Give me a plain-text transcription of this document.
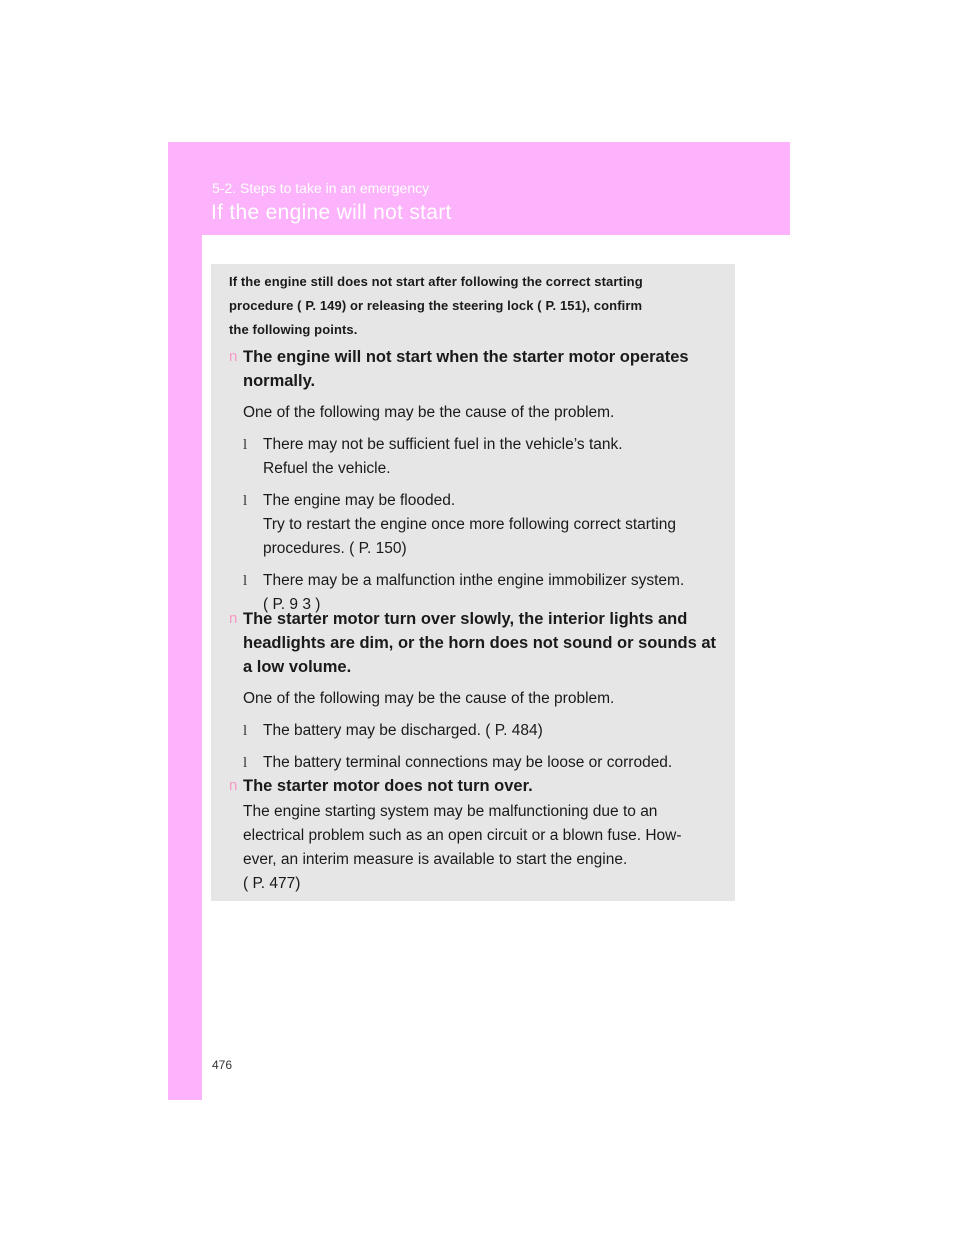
5-2. Steps to take in an emergency
If the engine will not start
If the engine still does not start after following the correct starting
procedure ( P. 149) or releasing the steering lock ( P. 151), confirm
the following points.
n The engine will not start when the starter motor operates
normally.
One of the following may be the cause of the problem.
l There may not be sufficient fuel in the vehicle’s tank.
Refuel the vehicle.
l The engine may be flooded.
Try to restart the engine once more following correct starting
procedures. ( P. 150)
l There may be a malfunction inthe engine immobilizer system.
( P. 9 3 )
n The starter motor turn over slowly, the interior lights and
headlights are dim, or the horn does not sound or sounds at
a low volume.
One of the following may be the cause of the problem.
l The battery may be discharged. ( P. 484)
l The battery terminal connections may be loose or corroded.
n The starter motor does not turn over.
The engine starting system may be malfunctioning due to an
electrical problem such as an open circuit or a blown fuse. How-
ever, an interim measure is available to start the engine.
( P. 477)
476
